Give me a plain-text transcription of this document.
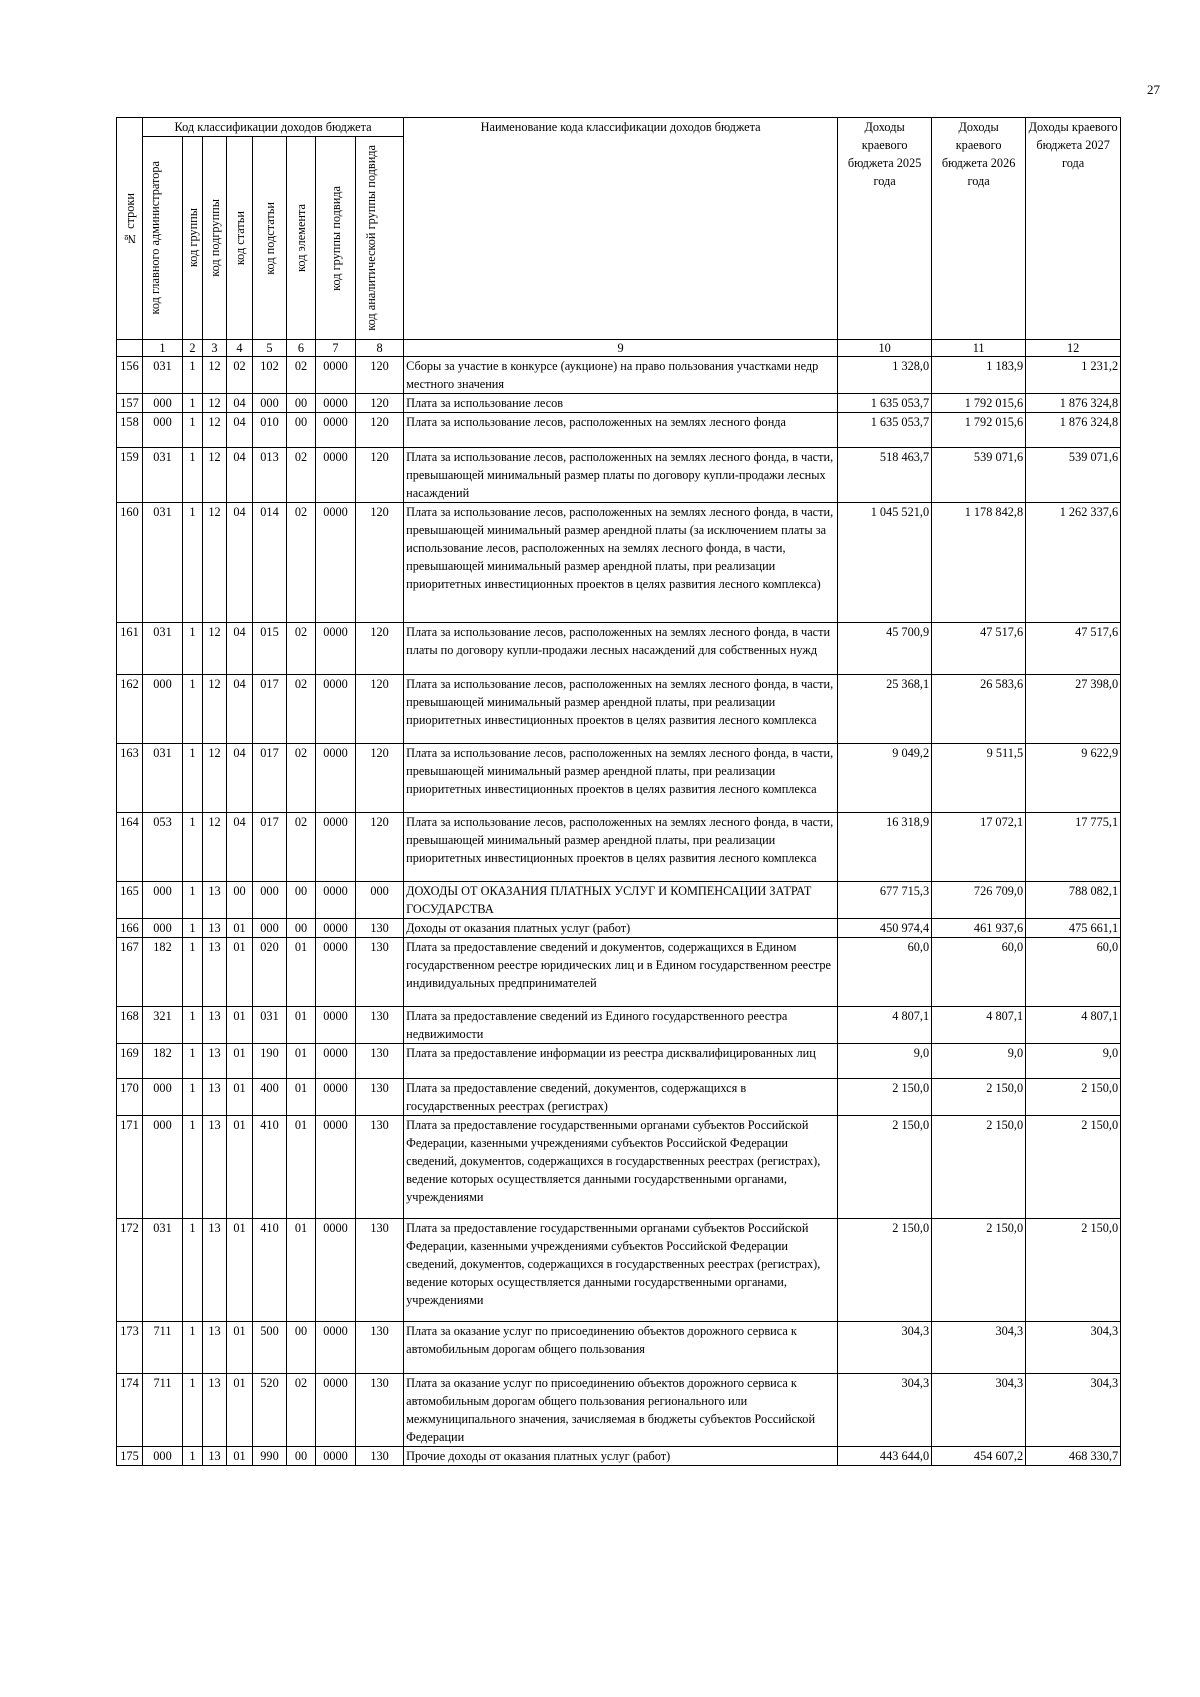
27
№ строки	Код классификации доходов бюджета								Наименование кода классификации доходов бюджета	Доходы краевого бюджета 2025 года	Доходы краевого бюджета 2026 года	Доходы краевого бюджета 2027 года

	код главного администратора	код группы	код подгруппы	код статьи	код подстатьи	код элемента	код группы подвида	код аналитической группы подвида				

	1	2	3	4	5	6	7	8	9	10	11	12
156	031	1	12	02	102	02	0000	120	Сборы за участие в конкурсе (аукционе) на право пользования участками недр местного значения	1 328,0	1 183,9	1 231,2
157	000	1	12	04	000	00	0000	120	Плата за использование лесов	1 635 053,7	1 792 015,6	1 876 324,8
158	000	1	12	04	010	00	0000	120	Плата за использование лесов, расположенных на землях лесного фонда	1 635 053,7	1 792 015,6	1 876 324,8
159	031	1	12	04	013	02	0000	120	Плата за использование лесов, расположенных на землях лесного фонда, в части, превышающей минимальный размер платы по договору купли-продажи лесных насаждений	518 463,7	539 071,6	539 071,6
160	031	1	12	04	014	02	0000	120	Плата за использование лесов, расположенных на землях лесного фонда, в части, превышающей минимальный размер арендной платы (за исключением платы за использование лесов, расположенных на землях лесного фонда, в части, превышающей минимальный размер арендной платы, при реализации приоритетных инвестиционных проектов в целях развития лесного комплекса)	1 045 521,0	1 178 842,8	1 262 337,6
161	031	1	12	04	015	02	0000	120	Плата за использование лесов, расположенных на землях лесного фонда, в части платы по договору купли-продажи лесных насаждений для собственных нужд	45 700,9	47 517,6	47 517,6
162	000	1	12	04	017	02	0000	120	Плата за использование лесов, расположенных на землях лесного фонда, в части, превышающей минимальный размер арендной платы, при реализации приоритетных инвестиционных проектов в целях развития лесного комплекса	25 368,1	26 583,6	27 398,0
163	031	1	12	04	017	02	0000	120	Плата за использование лесов, расположенных на землях лесного фонда, в части, превышающей минимальный размер арендной платы, при реализации приоритетных инвестиционных проектов в целях развития лесного комплекса	9 049,2	9 511,5	9 622,9
164	053	1	12	04	017	02	0000	120	Плата за использование лесов, расположенных на землях лесного фонда, в части, превышающей минимальный размер арендной платы, при реализации приоритетных инвестиционных проектов в целях развития лесного комплекса	16 318,9	17 072,1	17 775,1
165	000	1	13	00	000	00	0000	000	ДОХОДЫ ОТ ОКАЗАНИЯ ПЛАТНЫХ УСЛУГ И КОМПЕНСАЦИИ ЗАТРАТ ГОСУДАРСТВА	677 715,3	726 709,0	788 082,1
166	000	1	13	01	000	00	0000	130	Доходы от оказания платных услуг (работ)	450 974,4	461 937,6	475 661,1
167	182	1	13	01	020	01	0000	130	Плата за предоставление сведений и документов, содержащихся в Едином государственном реестре юридических лиц и в Едином государственном реестре индивидуальных предпринимателей	60,0	60,0	60,0
168	321	1	13	01	031	01	0000	130	Плата за предоставление сведений из Единого государственного реестра недвижимости	4 807,1	4 807,1	4 807,1
169	182	1	13	01	190	01	0000	130	Плата за предоставление информации из реестра дисквалифицированных лиц	9,0	9,0	9,0
170	000	1	13	01	400	01	0000	130	Плата за предоставление сведений, документов, содержащихся в государственных реестрах (регистрах)	2 150,0	2 150,0	2 150,0
171	000	1	13	01	410	01	0000	130	Плата за предоставление государственными органами субъектов Российской Федерации, казенными учреждениями субъектов Российской Федерации сведений, документов, содержащихся в государственных реестрах (регистрах), ведение которых осуществляется данными государственными органами, учреждениями	2 150,0	2 150,0	2 150,0
172	031	1	13	01	410	01	0000	130	Плата за предоставление государственными органами субъектов Российской Федерации, казенными учреждениями субъектов Российской Федерации сведений, документов, содержащихся в государственных реестрах (регистрах), ведение которых осуществляется данными государственными органами, учреждениями	2 150,0	2 150,0	2 150,0
173	711	1	13	01	500	00	0000	130	Плата за оказание услуг по присоединению объектов дорожного сервиса к автомобильным дорогам общего пользования	304,3	304,3	304,3
174	711	1	13	01	520	02	0000	130	Плата за оказание услуг по присоединению объектов дорожного сервиса к автомобильным дорогам общего пользования регионального или межмуниципального значения, зачисляемая в бюджеты субъектов Российской Федерации	304,3	304,3	304,3
175	000	1	13	01	990	00	0000	130	Прочие доходы от оказания платных услуг (работ)	443 644,0	454 607,2	468 330,7
